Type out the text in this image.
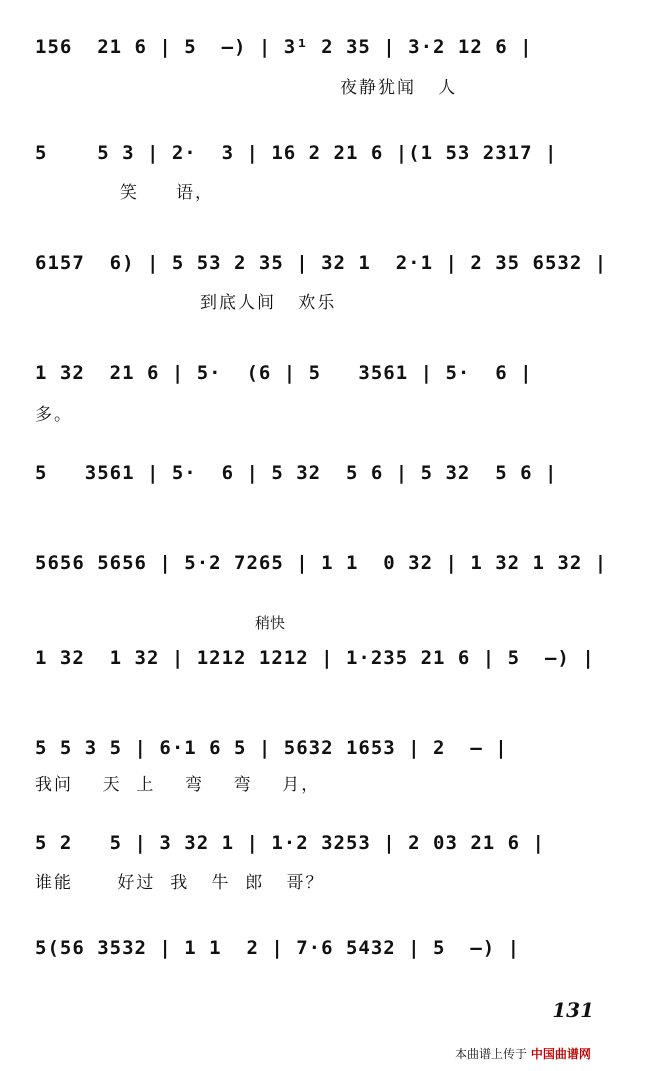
156  21 6 | 5  —) | 3¹ 2 35 | 3·2 12 6 |
夜静犹闻   人
5    5 3 | 2·  3 | 16 2 21 6 |(1 53 2317 |
笑     语，
6157  6) | 5 53 2 35 | 32 1  2·1 | 2 35 6532 |
到底人间   欢乐
1 32  21 6 | 5·  (6 | 5   3561 | 5·  6 |
多。
5   3561 | 5·  6 | 5 32  5 6 | 5 32  5 6 |
5656 5656 | 5·2 7265 | 1 1  0 32 | 1 32 1 32 |
稍快
1 32  1 32 | 1212 1212 | 1·235 21 6 | 5  —) |
5 5 3 5 | 6·1 6 5 | 5632 1653 | 2  — |
我问    天  上    弯    弯    月，
5 2   5 | 3 32 1 | 1·2 3253 | 2 03 21 6 |
谁能      好过  我   牛  郎   哥？
5(56 3532 | 1 1  2 | 7·6 5432 | 5  —) |
131
本曲谱上传于 中国曲谱网
